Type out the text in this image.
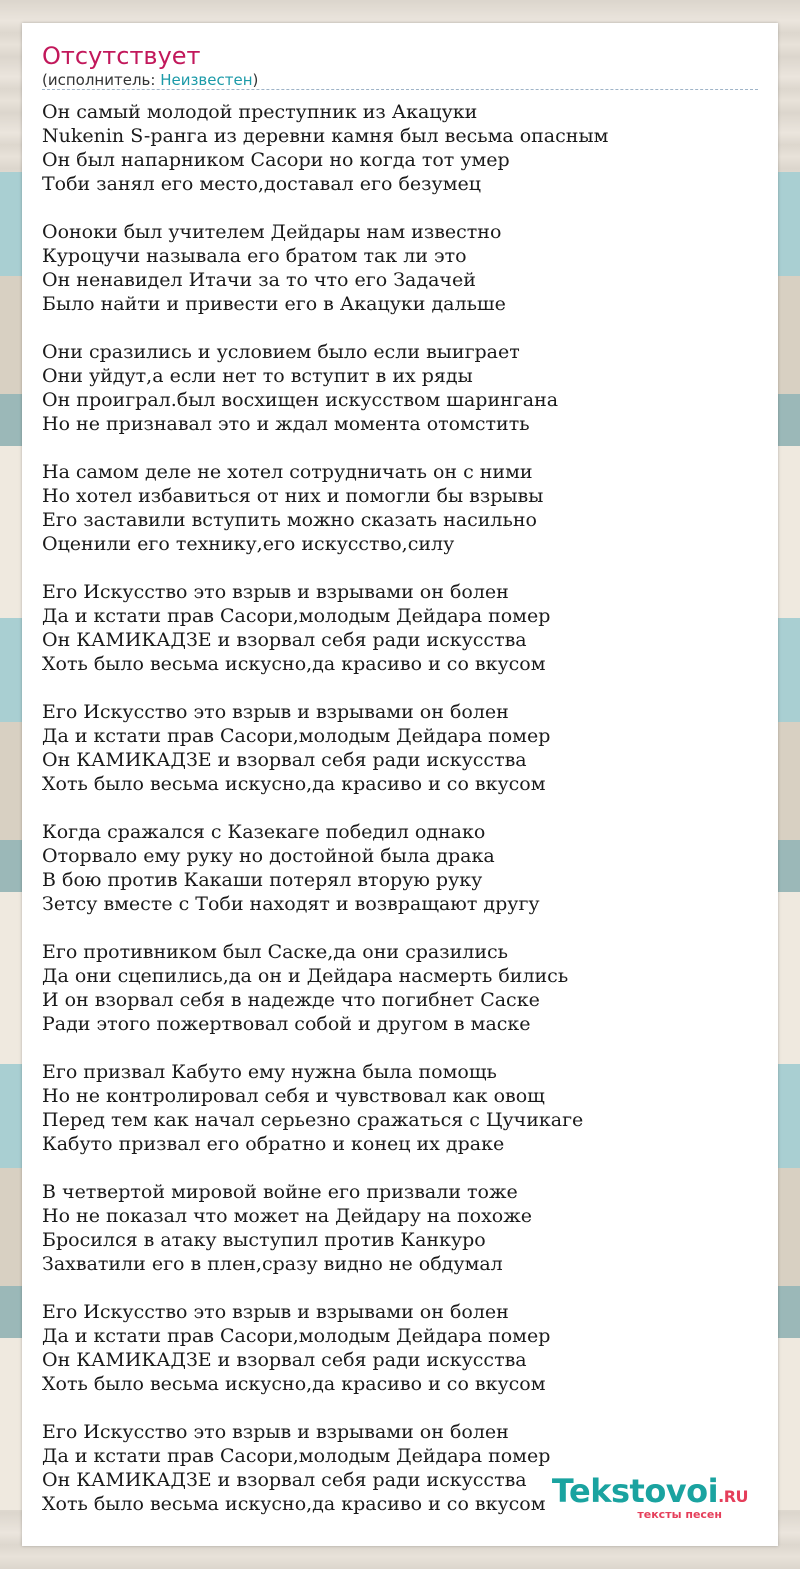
Отсутствует
(исполнитель: Неизвестен)
Он самый молодой преступник из Акацуки
Nukenin S-ранга из деревни камня был весьма опасным
Он был напарником Сасори но когда тот умер
Тоби занял его место,доставал его безумец
Ооноки был учителем Дейдары нам известно
Куроцучи называла его братом так ли это
Он ненавидел Итачи за то что его Задачей
Было найти и привести его в Акацуки дальше
Они сразились и условием было если выиграет
Они уйдут,а если нет то вступит в их ряды
Он проиграл.был восхищен искусством шарингана
Но не признавал это и ждал момента отомстить
На самом деле не хотел сотрудничать он с ними
Но хотел избавиться от них и помогли бы взрывы
Его заставили вступить можно сказать насильно
Оценили его технику,его искусство,силу
Его Искусство это взрыв и взрывами он болен
Да и кстати прав Сасори,молодым Дейдара помер
Он КАМИКАДЗЕ и взорвал себя ради искусства
Хоть было весьма искусно,да красиво и со вкусом
Его Искусство это взрыв и взрывами он болен
Да и кстати прав Сасори,молодым Дейдара помер
Он КАМИКАДЗЕ и взорвал себя ради искусства
Хоть было весьма искусно,да красиво и со вкусом
Когда сражался с Казекаге победил однако
Оторвало ему руку но достойной была драка
В бою против Какаши потерял вторую руку
Зетсу вместе с Тоби находят и возвращают другу
Его противником был Саске,да они сразились
Да они сцепились,да он и Дейдара насмерть бились
И он взорвал себя в надежде что погибнет Саске
Ради этого пожертвовал собой и другом в маске
Его призвал Кабуто ему нужна была помощь
Но не контролировал себя и чувствовал как овощ
Перед тем как начал серьезно сражаться с Цучикаге
Кабуто призвал его обратно и конец их драке
В четвертой мировой войне его призвали тоже
Но не показал что может на Дейдару на похоже
Бросился в атаку выступил против Канкуро
Захватили его в плен,сразу видно не обдумал
Его Искусство это взрыв и взрывами он болен
Да и кстати прав Сасори,молодым Дейдара помер
Он КАМИКАДЗЕ и взорвал себя ради искусства
Хоть было весьма искусно,да красиво и со вкусом
Его Искусство это взрыв и взрывами он болен
Да и кстати прав Сасори,молодым Дейдара помер
Он КАМИКАДЗЕ и взорвал себя ради искусства
Хоть было весьма искусно,да красиво и со вкусом Tekstovoi.RU
тексты песен
